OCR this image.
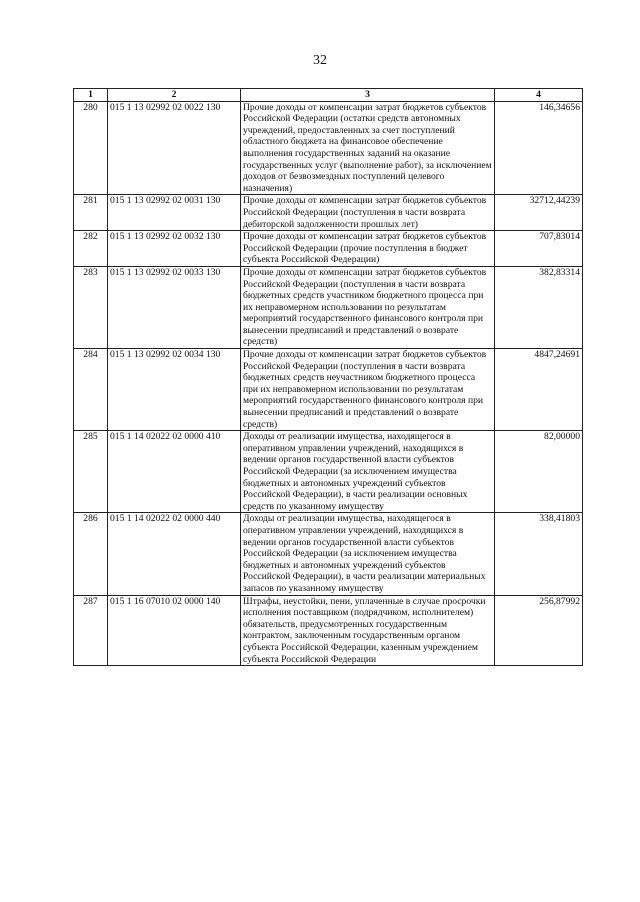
32
1	2	3	4
280	015 1 13 02992 02 0022 130	Прочие доходы от компенсации затрат бюджетов субъектов Российской Федерации (остатки средств автономных учреждений, предоставленных за счет поступлений областного бюджета на финансовое обеспечение выполнения государственных заданий на оказание государственных услуг (выполнение работ), за исключением доходов от безвозмездных поступлений целевого назначения)	146,34656
281	015 1 13 02992 02 0031 130	Прочие доходы от компенсации затрат бюджетов субъектов Российской Федерации (поступления в части возврата дебиторской задолженности прошлых лет)	32712,44239
282	015 1 13 02992 02 0032 130	Прочие доходы от компенсации затрат бюджетов субъектов Российской Федерации (прочие поступления в бюджет субъекта Российской Федерации)	707,83014
283	015 1 13 02992 02 0033 130	Прочие доходы от компенсации затрат бюджетов субъектов Российской Федерации (поступления в части возврата бюджетных средств участником бюджетного процесса при их неправомерном использовании по результатам мероприятий государственного финансового контроля при вынесении предписаний и представлений о возврате средств)	382,83314
284	015 1 13 02992 02 0034 130	Прочие доходы от компенсации затрат бюджетов субъектов Российской Федерации (поступления в части возврата бюджетных средств неучастником бюджетного процесса при их неправомерном использовании по результатам мероприятий государственного финансового контроля при вынесении предписаний и представлений о возврате средств)	4847,24691
285	015 1 14 02022 02 0000 410	Доходы от реализации имущества, находящегося в оперативном управлении учреждений, находящихся в ведении органов государственной власти субъектов Российской Федерации (за исключением имущества бюджетных и автономных учреждений субъектов Российской Федерации), в части реализации основных средств по указанному имуществу	82,00000
286	015 1 14 02022 02 0000 440	Доходы от реализации имущества, находящегося в оперативном управлении учреждений, находящихся в ведении органов государственной власти субъектов Российской Федерации (за исключением имущества бюджетных и автономных учреждений субъектов Российской Федерации), в части реализации материальных запасов по указанному имуществу	338,41803
287	015 1 16 07010 02 0000 140	Штрафы, неустойки, пени, уплаченные в случае просрочки исполнения поставщиком (подрядчиком, исполнителем) обязательств, предусмотренных государственным контрактом, заключенным государственным органом субъекта Российской Федерации, казенным учреждением субъекта Российской Федерации	256,87992
